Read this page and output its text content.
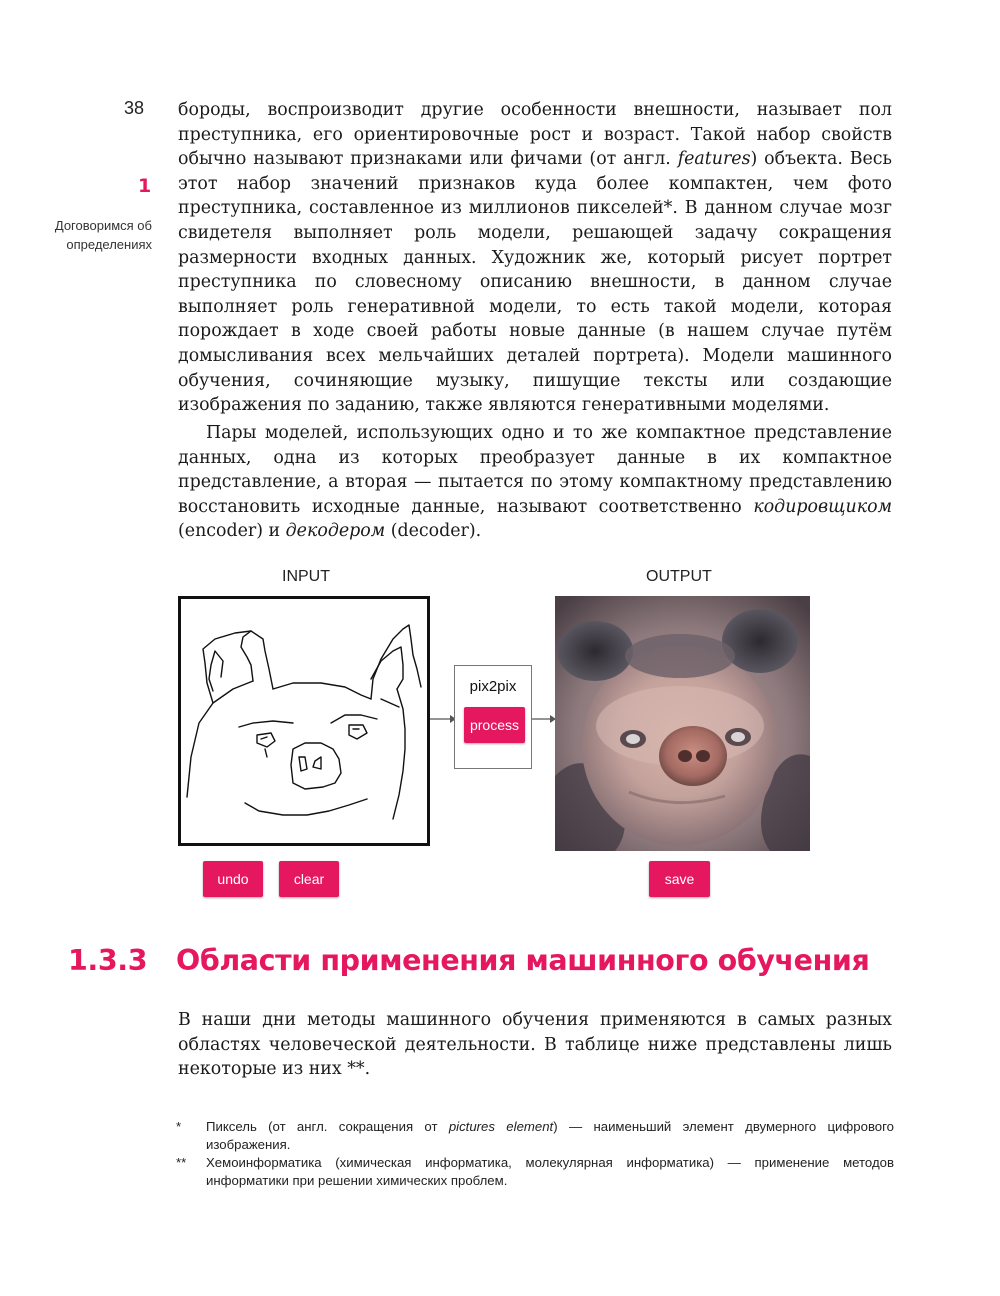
38
1
Договоримся об определениях

бороды, воспроизводит другие особенности внешности, называет пол преступника, его ориентировочные рост и возраст. Такой набор свойств обычно называют признаками или фичами (от англ. features) объекта. Весь этот набор значений признаков куда более компактен, чем фото преступника, составленное из миллионов пикселей*. В данном случае мозг свидетеля выполняет роль модели, решающей задачу сокращения размерности входных данных. Художник же, который рисует портрет преступника по словесному описанию внешности, в данном случае выполняет роль генеративной модели, то есть такой модели, которая порождает в ходе своей работы новые данные (в нашем случае путём домысливания всех мельчайших деталей портрета). Модели машинного обучения, сочиняющие музыку, пишущие тексты или создающие изображения по заданию, также являются генеративными моделями.

Пары моделей, использующих одно и то же компактное представление данных, одна из которых преобразует данные в их компактное представление, а вторая — пытается по этому компактному представлению восстановить исходные данные, называют соответственно кодировщиком (encoder) и декодером (decoder).

INPUT	OUTPUT
pix2pix
process
undo	clear	save
1.3.3 Области применения машинного обучения

В наши дни методы машинного обучения применяются в самых разных областях человеческой деятельности. В таблице ниже представлены лишь некоторые из них **.

* Пиксель (от англ. сокращения от pictures element) — наименьший элемент двумерного цифрового изображения.
** Хемоинформатика (химическая информатика, молекулярная информатика) — применение методов информатики при решении химических проблем.
